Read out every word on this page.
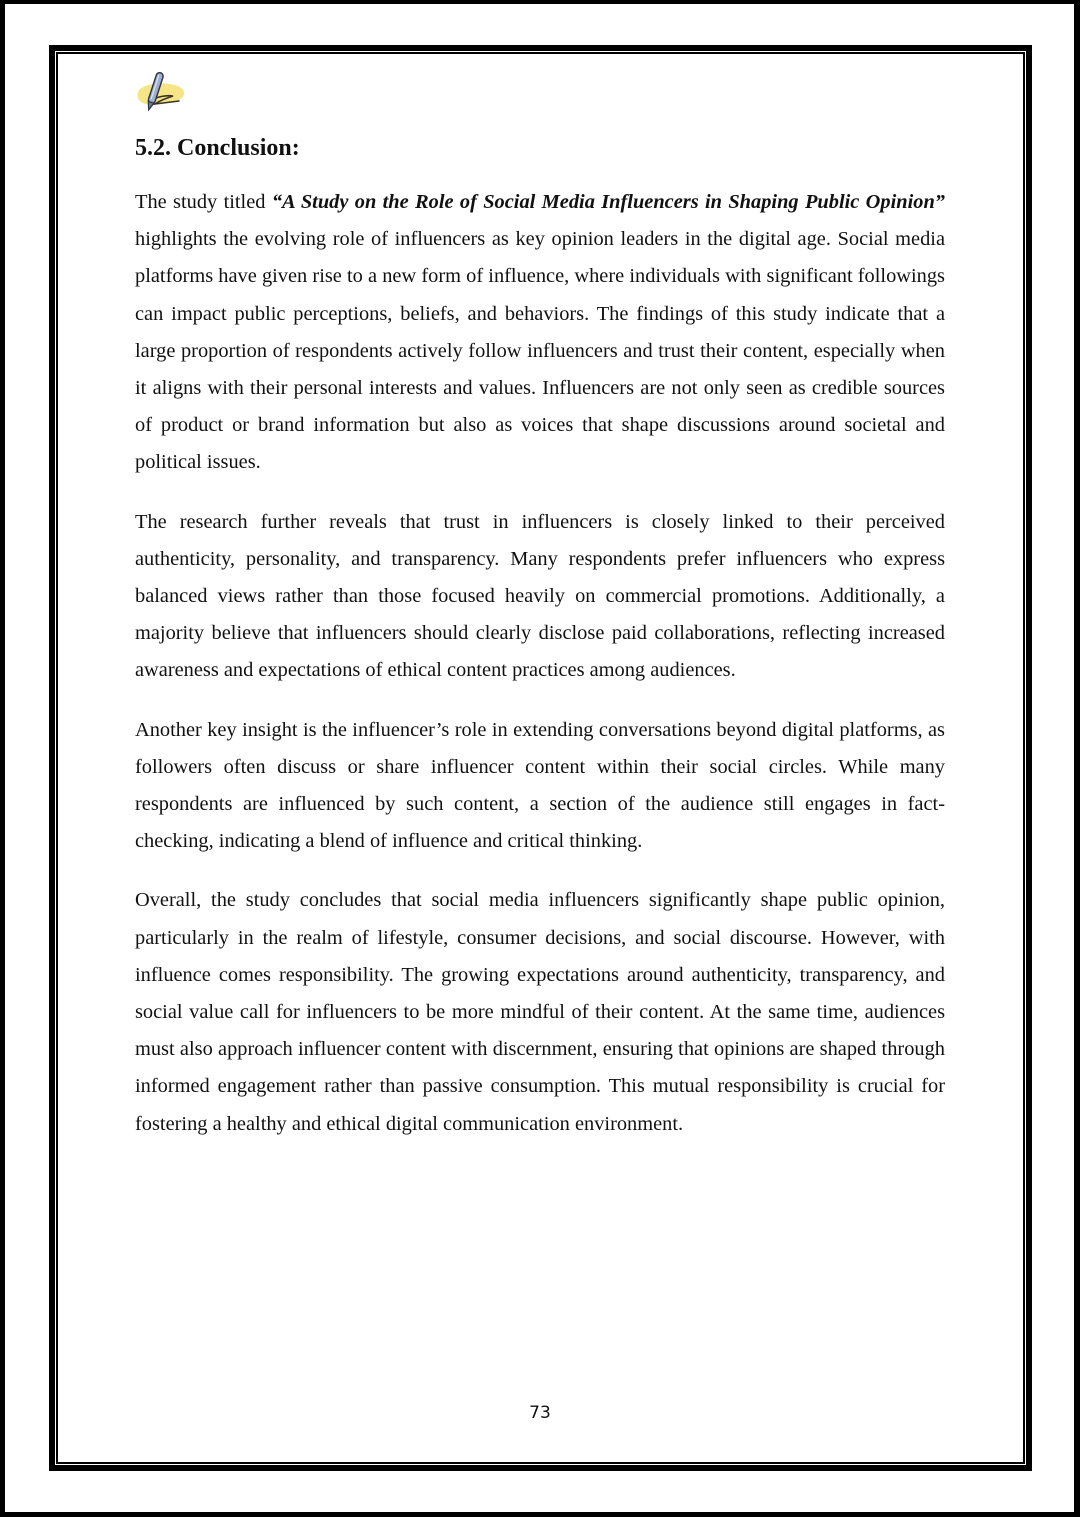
5.2. Conclusion:

The study titled “A Study on the Role of Social Media Influencers in Shaping Public Opinion” highlights the evolving role of influencers as key opinion leaders in the digital age. Social media platforms have given rise to a new form of influence, where individuals with significant followings can impact public perceptions, beliefs, and behaviors. The findings of this study indicate that a large proportion of respondents actively follow influencers and trust their content, especially when it aligns with their personal interests and values. Influencers are not only seen as credible sources of product or brand information but also as voices that shape discussions around societal and political issues.

The research further reveals that trust in influencers is closely linked to their perceived authenticity, personality, and transparency. Many respondents prefer influencers who express balanced views rather than those focused heavily on commercial promotions. Additionally, a majority believe that influencers should clearly disclose paid collaborations, reflecting increased awareness and expectations of ethical content practices among audiences.

Another key insight is the influencer’s role in extending conversations beyond digital platforms, as followers often discuss or share influencer content within their social circles. While many respondents are influenced by such content, a section of the audience still engages in fact-checking, indicating a blend of influence and critical thinking.

Overall, the study concludes that social media influencers significantly shape public opinion, particularly in the realm of lifestyle, consumer decisions, and social discourse. However, with influence comes responsibility. The growing expectations around authenticity, transparency, and social value call for influencers to be more mindful of their content. At the same time, audiences must also approach influencer content with discernment, ensuring that opinions are shaped through informed engagement rather than passive consumption. This mutual responsibility is crucial for fostering a healthy and ethical digital communication environment.

73
